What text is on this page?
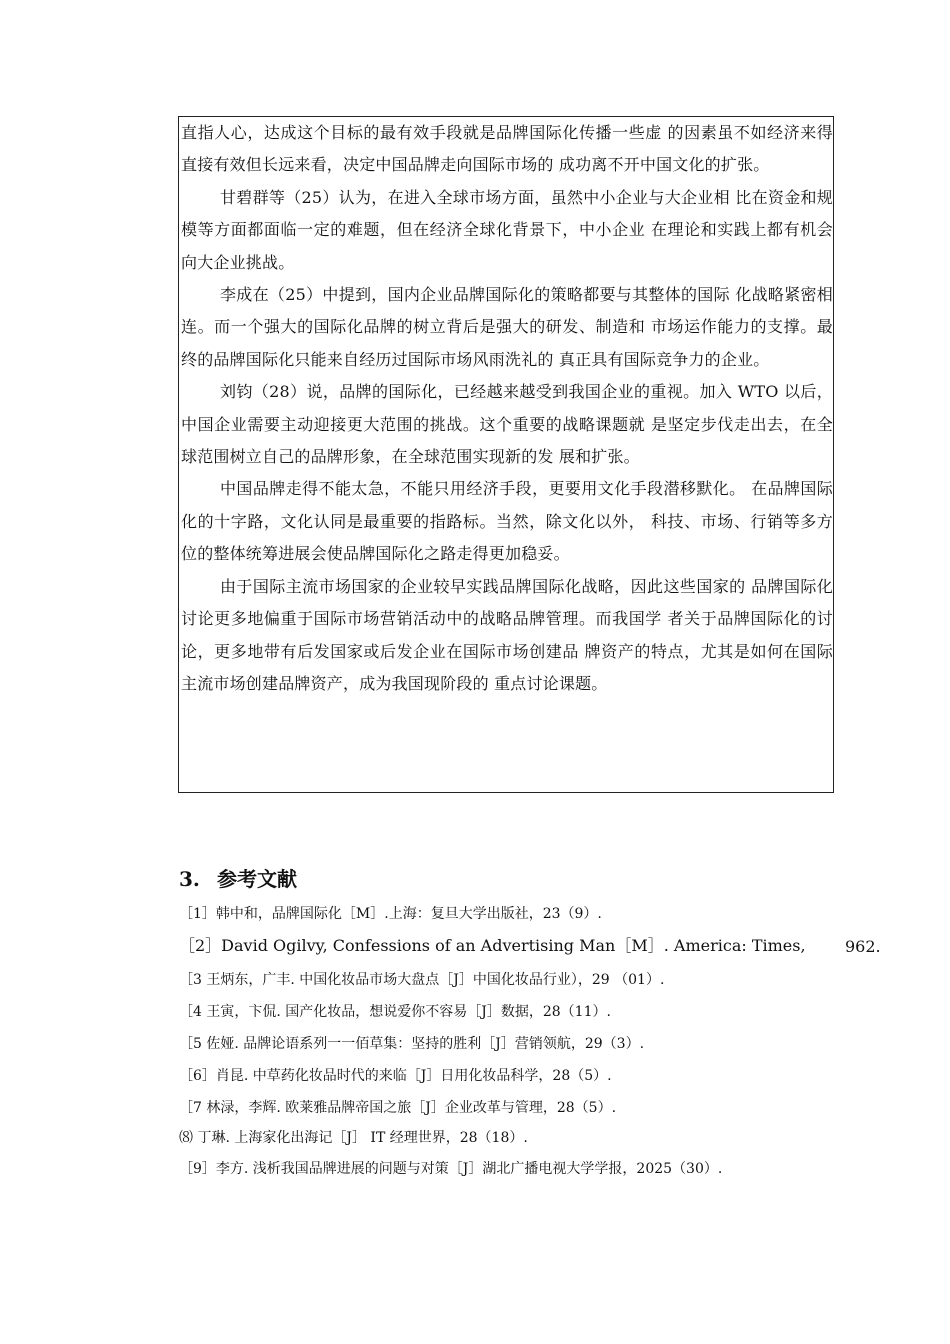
直指人心，达成这个目标的最有效手段就是品牌国际化传播一些虚 的因素虽不如经济来得直接有效但长远来看，决定中国品牌走向国际市场的 成功离不开中国文化的扩张。

甘碧群等（25）认为，在进入全球市场方面，虽然中小企业与大企业相 比在资金和规模等方面都面临一定的难题，但在经济全球化背景下，中小企业 在理论和实践上都有机会向大企业挑战。

李成在（25）中提到，国内企业品牌国际化的策略都要与其整体的国际 化战略紧密相连。而一个强大的国际化品牌的树立背后是强大的研发、制造和 市场运作能力的支撑。最终的品牌国际化只能来自经历过国际市场风雨洗礼的 真正具有国际竞争力的企业。

刘钧（28）说，品牌的国际化，已经越来越受到我国企业的重视。加入 WTO 以后，中国企业需要主动迎接更大范围的挑战。这个重要的战略课题就 是坚定步伐走出去，在全球范围树立自己的品牌形象，在全球范围实现新的发 展和扩张。

中国品牌走得不能太急，不能只用经济手段，更要用文化手段潜移默化。 在品牌国际化的十字路，文化认同是最重要的指路标。当然，除文化以外， 科技、市场、行销等多方位的整体统筹进展会使品牌国际化之路走得更加稳妥。

由于国际主流市场国家的企业较早实践品牌国际化战略，因此这些国家的 品牌国际化讨论更多地偏重于国际市场营销活动中的战略品牌管理。而我国学 者关于品牌国际化的讨论，更多地带有后发国家或后发企业在国际市场创建品 牌资产的特点，尤其是如何在国际主流市场创建品牌资产，成为我国现阶段的 重点讨论课题。

3. 参考文献
［1］韩中和，品牌国际化［M］.上海：复旦大学出版社，23（9）.
［2］David Ogilvy, Confessions of an Advertising Man［M］. America: Times,
［3 王炳东，广丰. 中国化妆品市场大盘点［J］中国化妆品行业），29 （01）.
［4 王寅，卞侃. 国产化妆品，想说爱你不容易［J］数据，28（11）.
［5 佐娅. 品牌论语系列一一佰草集：坚持的胜利［J］营销领航，29（3）.
［6］肖昆. 中草药化妆品时代的来临［J］日用化妆品科学，28（5）.
［7 林渌，李辉. 欧莱雅品牌帝国之旅［J］企业改革与管理，28（5）.
⑻ 丁琳. 上海家化出海记［J］ IT 经理世界，28（18）.
［9］李方. 浅析我国品牌进展的问题与对策［J］湖北广播电视大学学报，2025（30）.
962.
